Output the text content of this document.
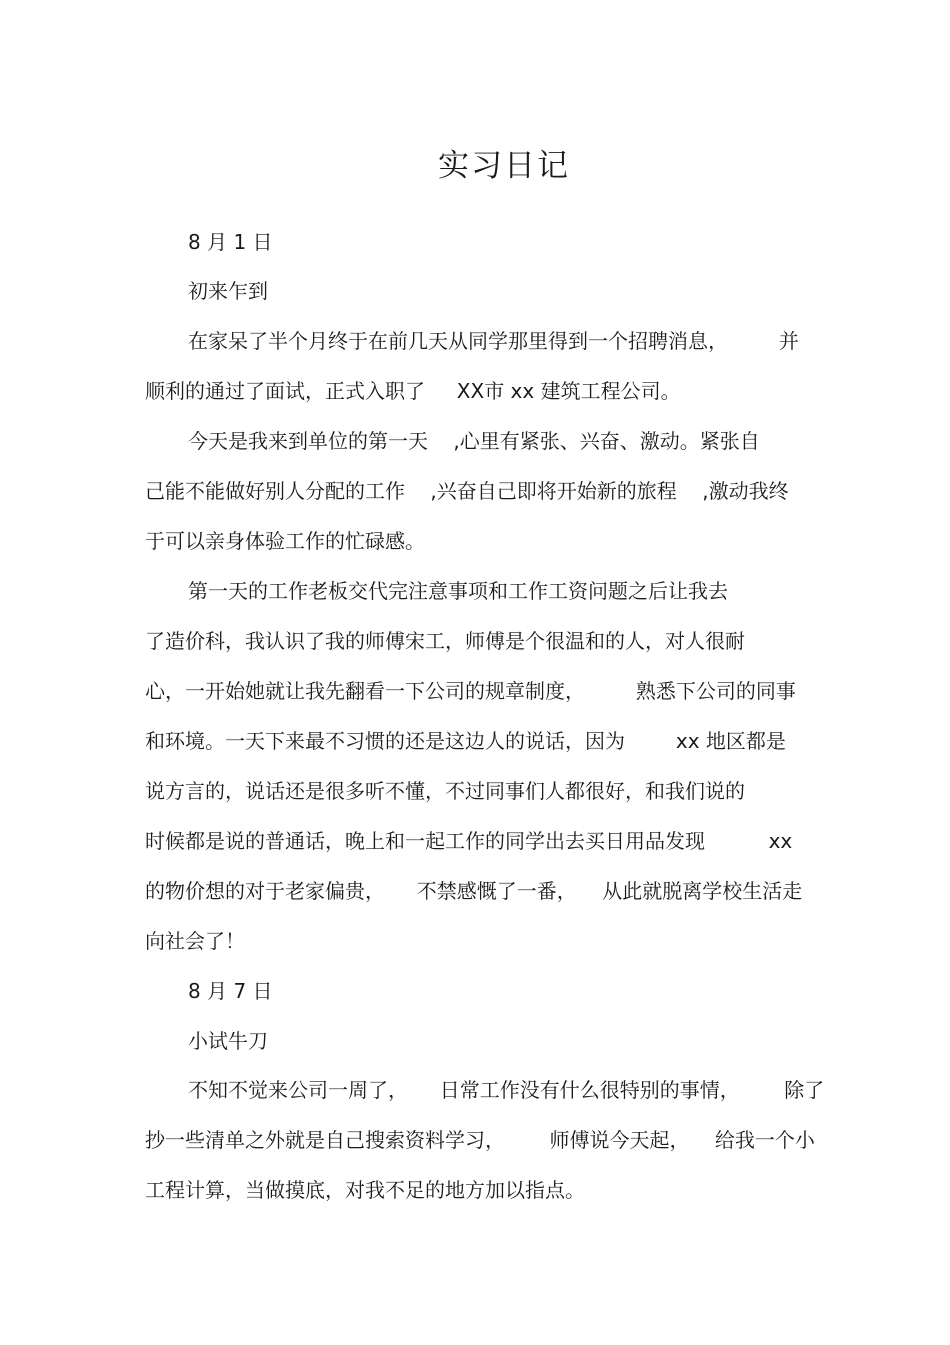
实习日记
8 月 1 日
初来乍到
在家呆了半个月终于在前几天从同学那里得到一个招聘消息，        并
顺利的通过了面试，正式入职了     XX市 xx 建筑工程公司。
今天是我来到单位的第一天    ,心里有紧张、兴奋、激动。紧张自
己能不能做好别人分配的工作    ,兴奋自己即将开始新的旅程    ,激动我终
于可以亲身体验工作的忙碌感。
第一天的工作老板交代完注意事项和工作工资问题之后让我去
了造价科，我认识了我的师傅宋工，师傅是个很温和的人，对人很耐
心，一开始她就让我先翻看一下公司的规章制度，        熟悉下公司的同事
和环境。一天下来最不习惯的还是这边人的说话，因为        xx 地区都是
说方言的，说话还是很多听不懂，不过同事们人都很好，和我们说的
时候都是说的普通话，晚上和一起工作的同学出去买日用品发现          xx
的物价想的对于老家偏贵，     不禁感慨了一番，    从此就脱离学校生活走
向社会了！
8 月 7 日
小试牛刀
不知不觉来公司一周了，     日常工作没有什么很特别的事情，       除了
抄一些清单之外就是自己搜索资料学习，       师傅说今天起，    给我一个小
工程计算，当做摸底，对我不足的地方加以指点。
